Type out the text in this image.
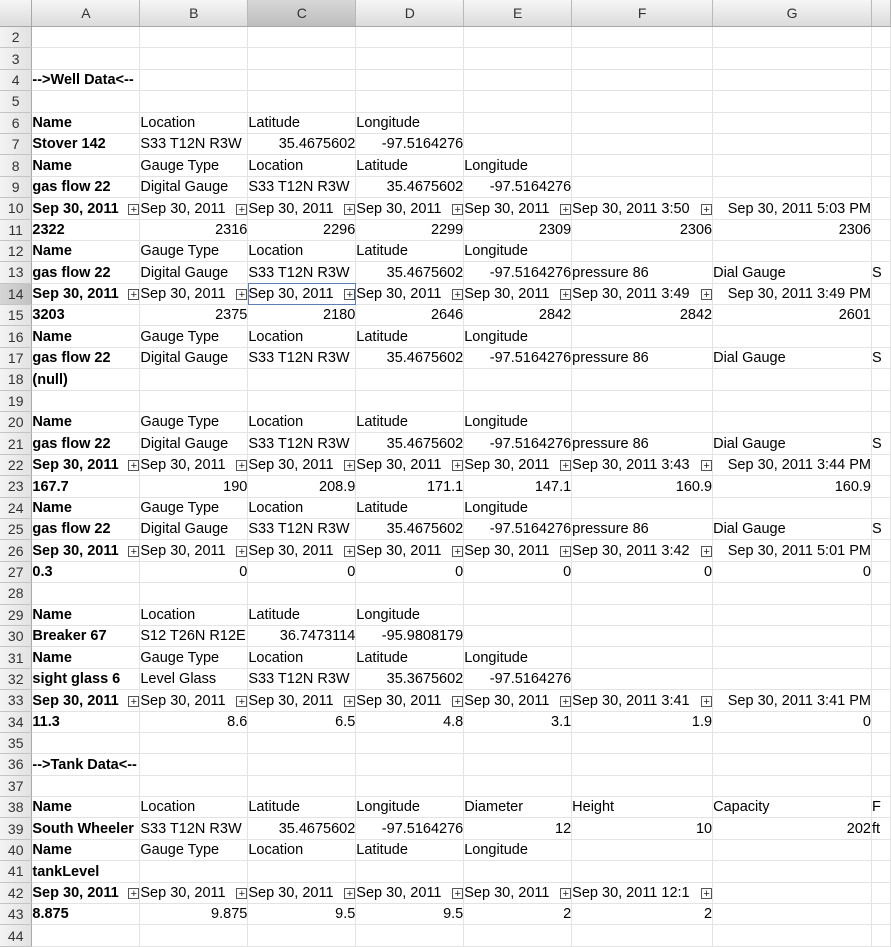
	A	B	C	D	E	F	G	
2								
3								
4	-->Well Data<--							
5								
6	Name	Location	Latitude	Longitude				
7	Stover 142	S33 T12N R3W	35.4675602	-97.5164276				
8	Name	Gauge Type	Location	Latitude	Longitude			
9	gas flow 22	Digital Gauge	S33 T12N R3W	35.4675602	-97.5164276			
10	Sep 30, 2011 +	Sep 30, 2011 +	Sep 30, 2011 +	Sep 30, 2011 +	Sep 30, 2011 +	Sep 30, 2011 3:50 +	Sep 30, 2011 5:03 PM	
11	2322	2316	2296	2299	2309	2306	2306	
12	Name	Gauge Type	Location	Latitude	Longitude			
13	gas flow 22	Digital Gauge	S33 T12N R3W	35.4675602	-97.5164276	pressure 86	Dial Gauge	S
14	Sep 30, 2011 +	Sep 30, 2011 +	Sep 30, 2011 +	Sep 30, 2011 +	Sep 30, 2011 +	Sep 30, 2011 3:49 +	Sep 30, 2011 3:49 PM	
15	3203	2375	2180	2646	2842	2842	2601	
16	Name	Gauge Type	Location	Latitude	Longitude			
17	gas flow 22	Digital Gauge	S33 T12N R3W	35.4675602	-97.5164276	pressure 86	Dial Gauge	S
18	(null)							
19								
20	Name	Gauge Type	Location	Latitude	Longitude			
21	gas flow 22	Digital Gauge	S33 T12N R3W	35.4675602	-97.5164276	pressure 86	Dial Gauge	S
22	Sep 30, 2011 +	Sep 30, 2011 +	Sep 30, 2011 +	Sep 30, 2011 +	Sep 30, 2011 +	Sep 30, 2011 3:43 +	Sep 30, 2011 3:44 PM	
23	167.7	190	208.9	171.1	147.1	160.9	160.9	
24	Name	Gauge Type	Location	Latitude	Longitude			
25	gas flow 22	Digital Gauge	S33 T12N R3W	35.4675602	-97.5164276	pressure 86	Dial Gauge	S
26	Sep 30, 2011 +	Sep 30, 2011 +	Sep 30, 2011 +	Sep 30, 2011 +	Sep 30, 2011 +	Sep 30, 2011 3:42 +	Sep 30, 2011 5:01 PM	
27	0.3	0	0	0	0	0	0	
28								
29	Name	Location	Latitude	Longitude				
30	Breaker 67	S12 T26N R12E	36.7473114	-95.9808179				
31	Name	Gauge Type	Location	Latitude	Longitude			
32	sight glass 6	Level Glass	S33 T12N R3W	35.3675602	-97.5164276			
33	Sep 30, 2011 +	Sep 30, 2011 +	Sep 30, 2011 +	Sep 30, 2011 +	Sep 30, 2011 +	Sep 30, 2011 3:41 +	Sep 30, 2011 3:41 PM	
34	11.3	8.6	6.5	4.8	3.1	1.9	0	
35								
36	-->Tank Data<--							
37								
38	Name	Location	Latitude	Longitude	Diameter	Height	Capacity	F
39	South Wheeler	S33 T12N R3W	35.4675602	-97.5164276	12	10	202	ft
40	Name	Gauge Type	Location	Latitude	Longitude			
41	tankLevel							
42	Sep 30, 2011 +	Sep 30, 2011 +	Sep 30, 2011 +	Sep 30, 2011 +	Sep 30, 2011 +	Sep 30, 2011 12:1 +		

43	8.875	9.875	9.5	9.5	2	2		
44								
